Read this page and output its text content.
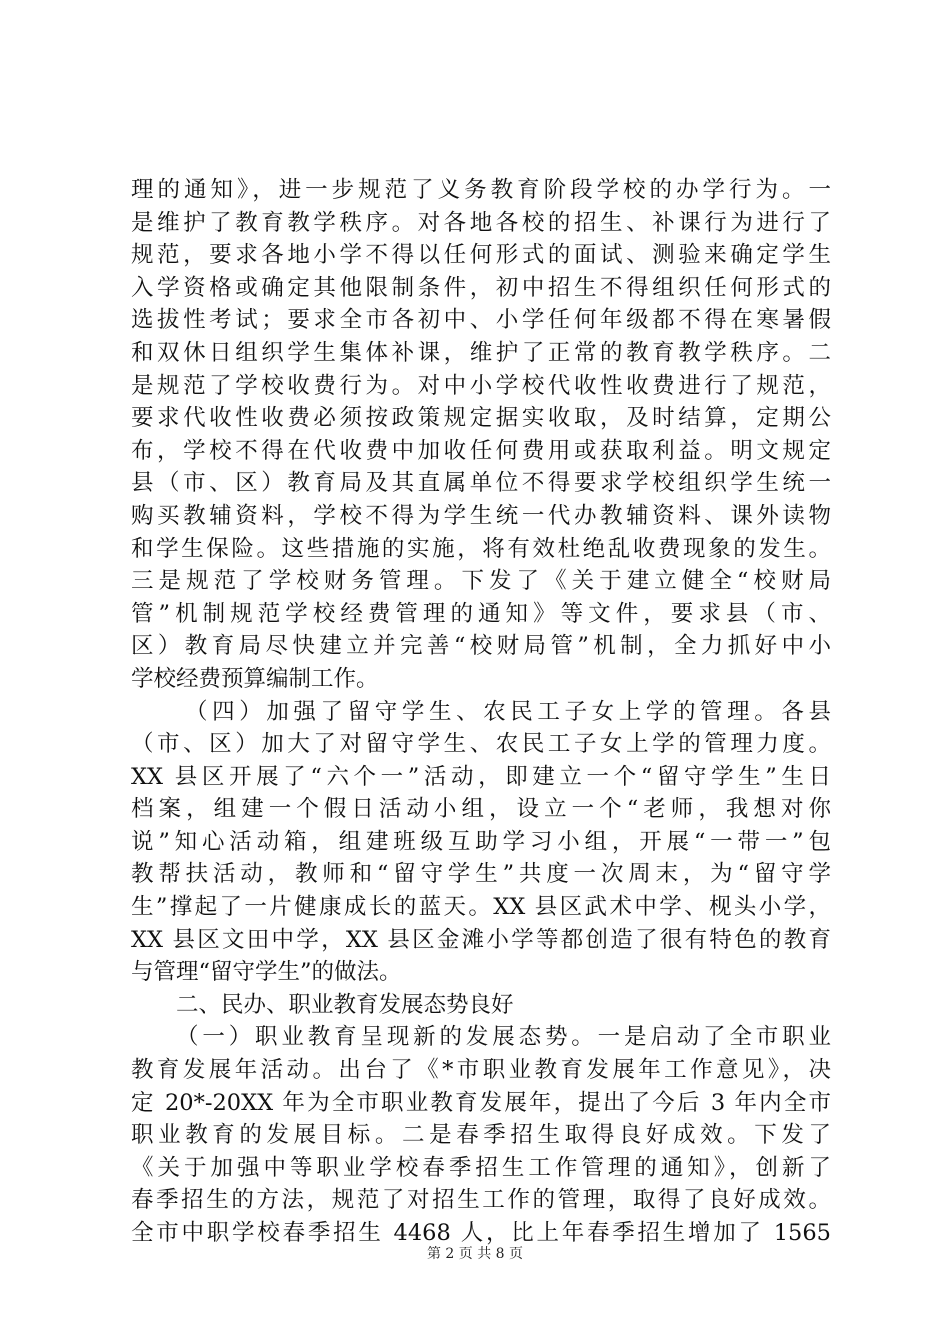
理的通知》，进一步规范了义务教育阶段学校的办学行为。一
是维护了教育教学秩序。对各地各校的招生、补课行为进行了
规范，要求各地小学不得以任何形式的面试、测验来确定学生
入学资格或确定其他限制条件，初中招生不得组织任何形式的
选拔性考试；要求全市各初中、小学任何年级都不得在寒暑假
和双休日组织学生集体补课，维护了正常的教育教学秩序。二
是规范了学校收费行为。对中小学校代收性收费进行了规范，
要求代收性收费必须按政策规定据实收取，及时结算，定期公
布，学校不得在代收费中加收任何费用或获取利益。明文规定
县（市、区）教育局及其直属单位不得要求学校组织学生统一
购买教辅资料，学校不得为学生统一代办教辅资料、课外读物
和学生保险。这些措施的实施，将有效杜绝乱收费现象的发生。
三是规范了学校财务管理。下发了《关于建立健全“校财局
管”机制规范学校经费管理的通知》等文件，要求县（市、
区）教育局尽快建立并完善“校财局管”机制，全力抓好中小
学校经费预算编制工作。
（四）加强了留守学生、农民工子女上学的管理。各县
（市、区）加大了对留守学生、农民工子女上学的管理力度。
XX 县区开展了“六个一”活动，即建立一个“留守学生”生日
档案，组建一个假日活动小组，设立一个“老师，我想对你
说”知心活动箱，组建班级互助学习小组，开展“一带一”包
教帮扶活动，教师和“留守学生”共度一次周末，为“留守学
生”撑起了一片健康成长的蓝天。XX 县区武术中学、枧头小学，
XX 县区文田中学，XX 县区金滩小学等都创造了很有特色的教育
与管理“留守学生”的做法。
二、民办、职业教育发展态势良好
（一）职业教育呈现新的发展态势。一是启动了全市职业
教育发展年活动。出台了《*市职业教育发展年工作意见》，决
定 20*-20XX 年为全市职业教育发展年，提出了今后 3 年内全市
职业教育的发展目标。二是春季招生取得良好成效。下发了
《关于加强中等职业学校春季招生工作管理的通知》，创新了
春季招生的方法，规范了对招生工作的管理，取得了良好成效。
全市中职学校春季招生 4468 人，比上年春季招生增加了 1565
第 2 页 共 8 页
